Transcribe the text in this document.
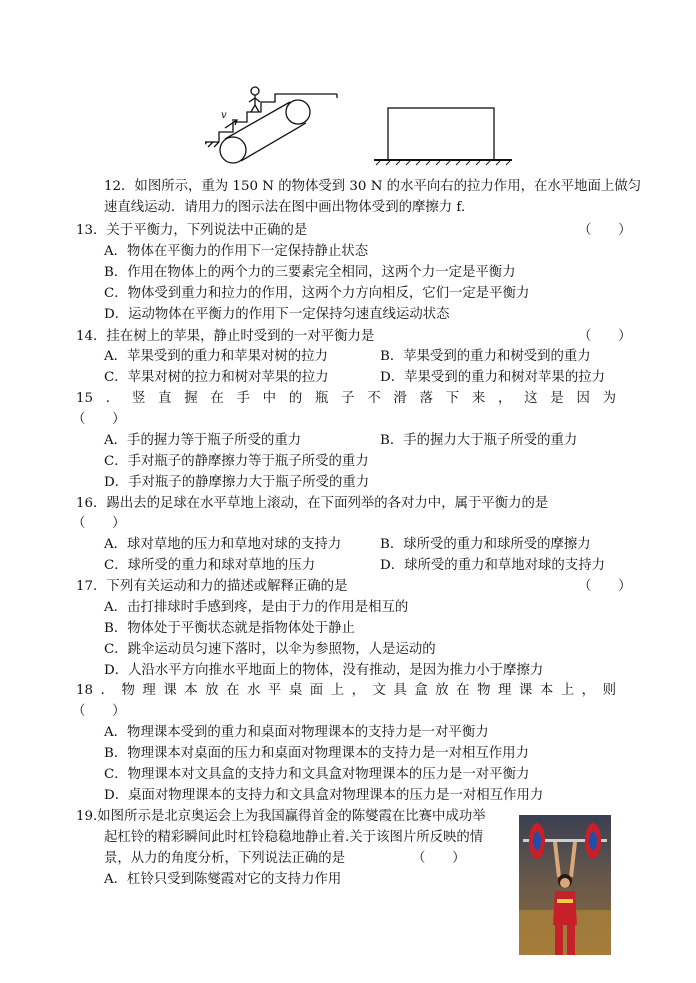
v
12．如图所示，重为 150 N 的物体受到 30 N 的水平向右的拉力作用，在水平地面上做匀
速直线运动．请用力的图示法在图中画出物体受到的摩擦力 f.
13．关于平衡力，下列说法中正确的是	（　　）
A．物体在平衡力的作用下一定保持静止状态
B．作用在物体上的两个力的三要素完全相同，这两个力一定是平衡力
C．物体受到重力和拉力的作用，这两个力方向相反，它们一定是平衡力
D．运动物体在平衡力的作用下一定保持匀速直线运动状态
14．挂在树上的苹果，静止时受到的一对平衡力是	（　　）
A．苹果受到的重力和苹果对树的拉力	B．苹果受到的重力和树受到的重力
C．苹果对树的拉力和树对苹果的拉力	D．苹果受到的重力和树对苹果的拉力
15．竖直握在手中的瓶子不滑落下来，这是因为
（　　）
A．手的握力等于瓶子所受的重力	B．手的握力大于瓶子所受的重力
C．手对瓶子的静摩擦力等于瓶子所受的重力
D．手对瓶子的静摩擦力大于瓶子所受的重力
16．踢出去的足球在水平草地上滚动，在下面列举的各对力中，属于平衡力的是
（　　）
A．球对草地的压力和草地对球的支持力	B．球所受的重力和球所受的摩擦力
C．球所受的重力和球对草地的压力	D．球所受的重力和草地对球的支持力
17．下列有关运动和力的描述或解释正确的是	（　　）
A．击打排球时手感到疼，是由于力的作用是相互的
B．物体处于平衡状态就是指物体处于静止
C．跳伞运动员匀速下落时，以伞为参照物，人是运动的
D．人沿水平方向推水平地面上的物体，没有推动，是因为推力小于摩擦力
18．物理课本放在水平桌面上，文具盒放在物理课本上，则
（　　）
A．物理课本受到的重力和桌面对物理课本的支持力是一对平衡力
B．物理课本对桌面的压力和桌面对物理课本的支持力是一对相互作用力
C．物理课本对文具盒的支持力和文具盒对物理课本的压力是一对平衡力
D．桌面对物理课本的支持力和文具盒对物理课本的压力是一对相互作用力
19.如图所示是北京奥运会上为我国赢得首金的陈燮霞在比赛中成功举
起杠铃的精彩瞬间此时杠铃稳稳地静止着.关于该图片所反映的情
景，从力的角度分析，下列说法正确的是	（　　）
A．杠铃只受到陈燮霞对它的支持力作用
